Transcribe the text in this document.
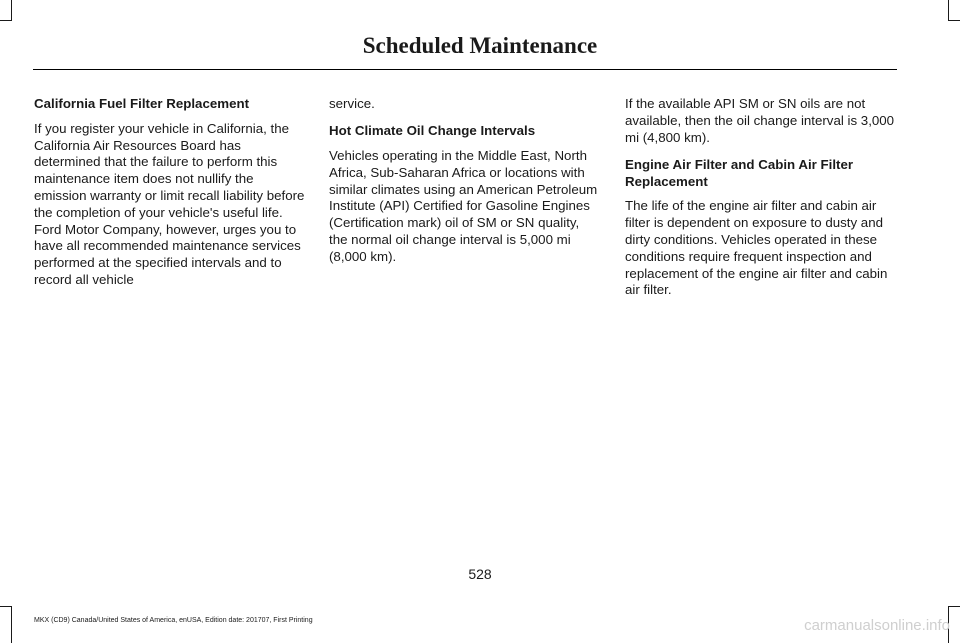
Scheduled Maintenance
California Fuel Filter Replacement

If you register your vehicle in California, the California Air Resources Board has determined that the failure to perform this maintenance item does not nullify the emission warranty or limit recall liability before the completion of your vehicle's useful life. Ford Motor Company, however, urges you to have all recommended maintenance services performed at the specified intervals and to record all vehicle

service.

Hot Climate Oil Change Intervals

Vehicles operating in the Middle East, North Africa, Sub-Saharan Africa or locations with similar climates using an American Petroleum Institute (API) Certified for Gasoline Engines (Certification mark) oil of SM or SN quality, the normal oil change interval is 5,000 mi (8,000 km).

If the available API SM or SN oils are not available, then the oil change interval is 3,000 mi (4,800 km).

Engine Air Filter and Cabin Air Filter Replacement

The life of the engine air filter and cabin air filter is dependent on exposure to dusty and dirty conditions. Vehicles operated in these conditions require frequent inspection and replacement of the engine air filter and cabin air filter.

528
MKX (CD9) Canada/United States of America, enUSA, Edition date: 201707, First Printing	carmanualsonline.info
